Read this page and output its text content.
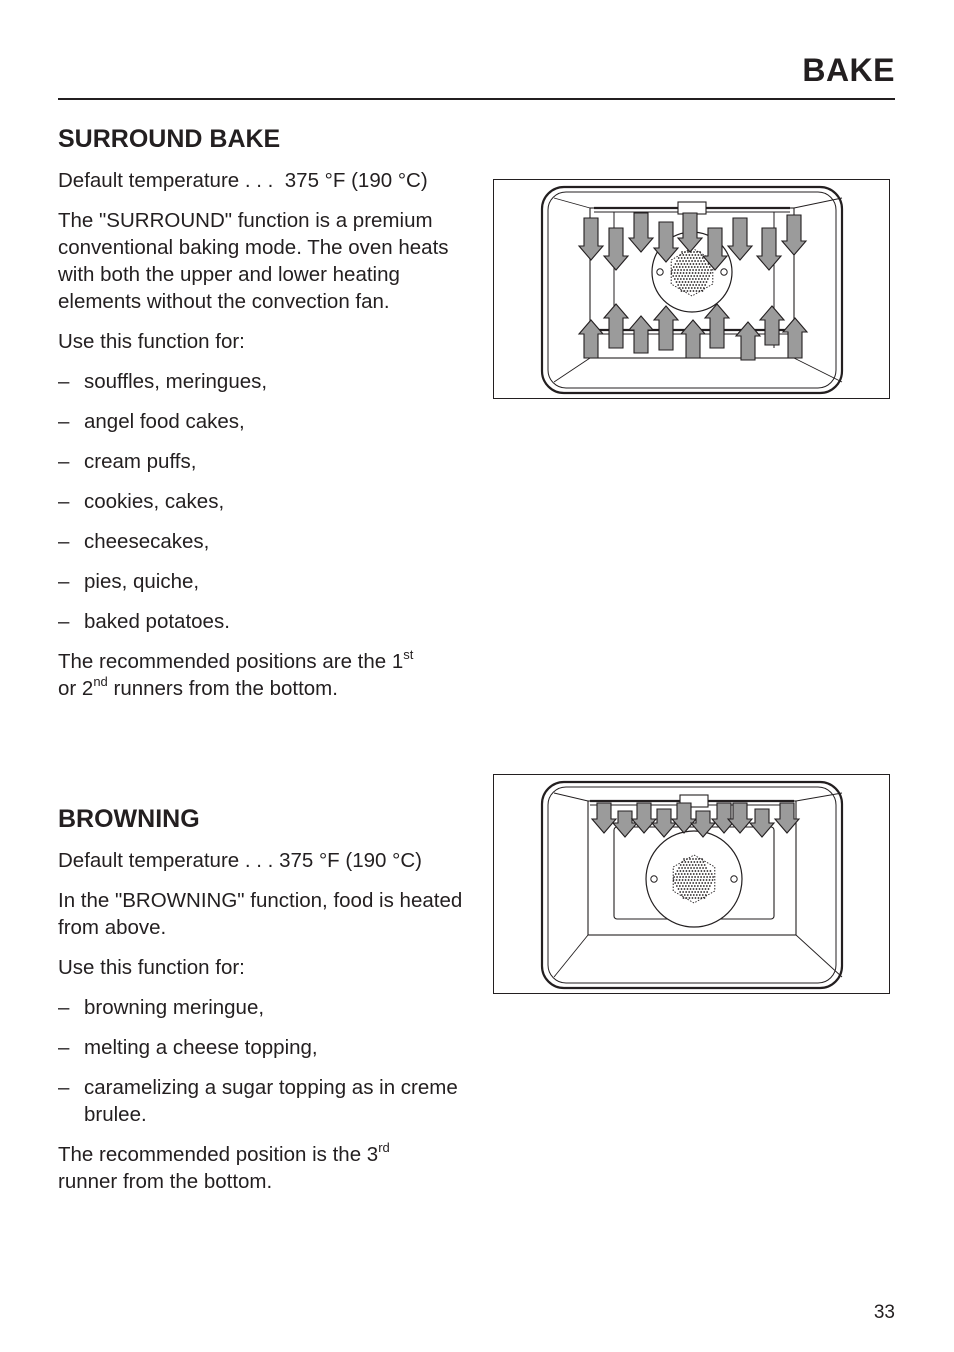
BAKE
SURROUND BAKE

Default temperature . . . 375 °F (190 °C)

The "SURROUND" function is a premium conventional baking mode. The oven heats with both the upper and lower heating elements without the convection fan.

Use this function for:

– souffles, meringues,
– angel food cakes,
– cream puffs,
– cookies, cakes,
– cheesecakes,
– pies, quiche,
– baked potatoes.

The recommended positions are the 1st
or 2nd runners from the bottom.

BROWNING

Default temperature . . . 375 °F (190 °C)

In the "BROWNING" function, food is heated from above.

Use this function for:

– browning meringue,
– melting a cheese topping,
– caramelizing a sugar topping as in creme brulee.

The recommended position is the 3rd
runner from the bottom.

33
